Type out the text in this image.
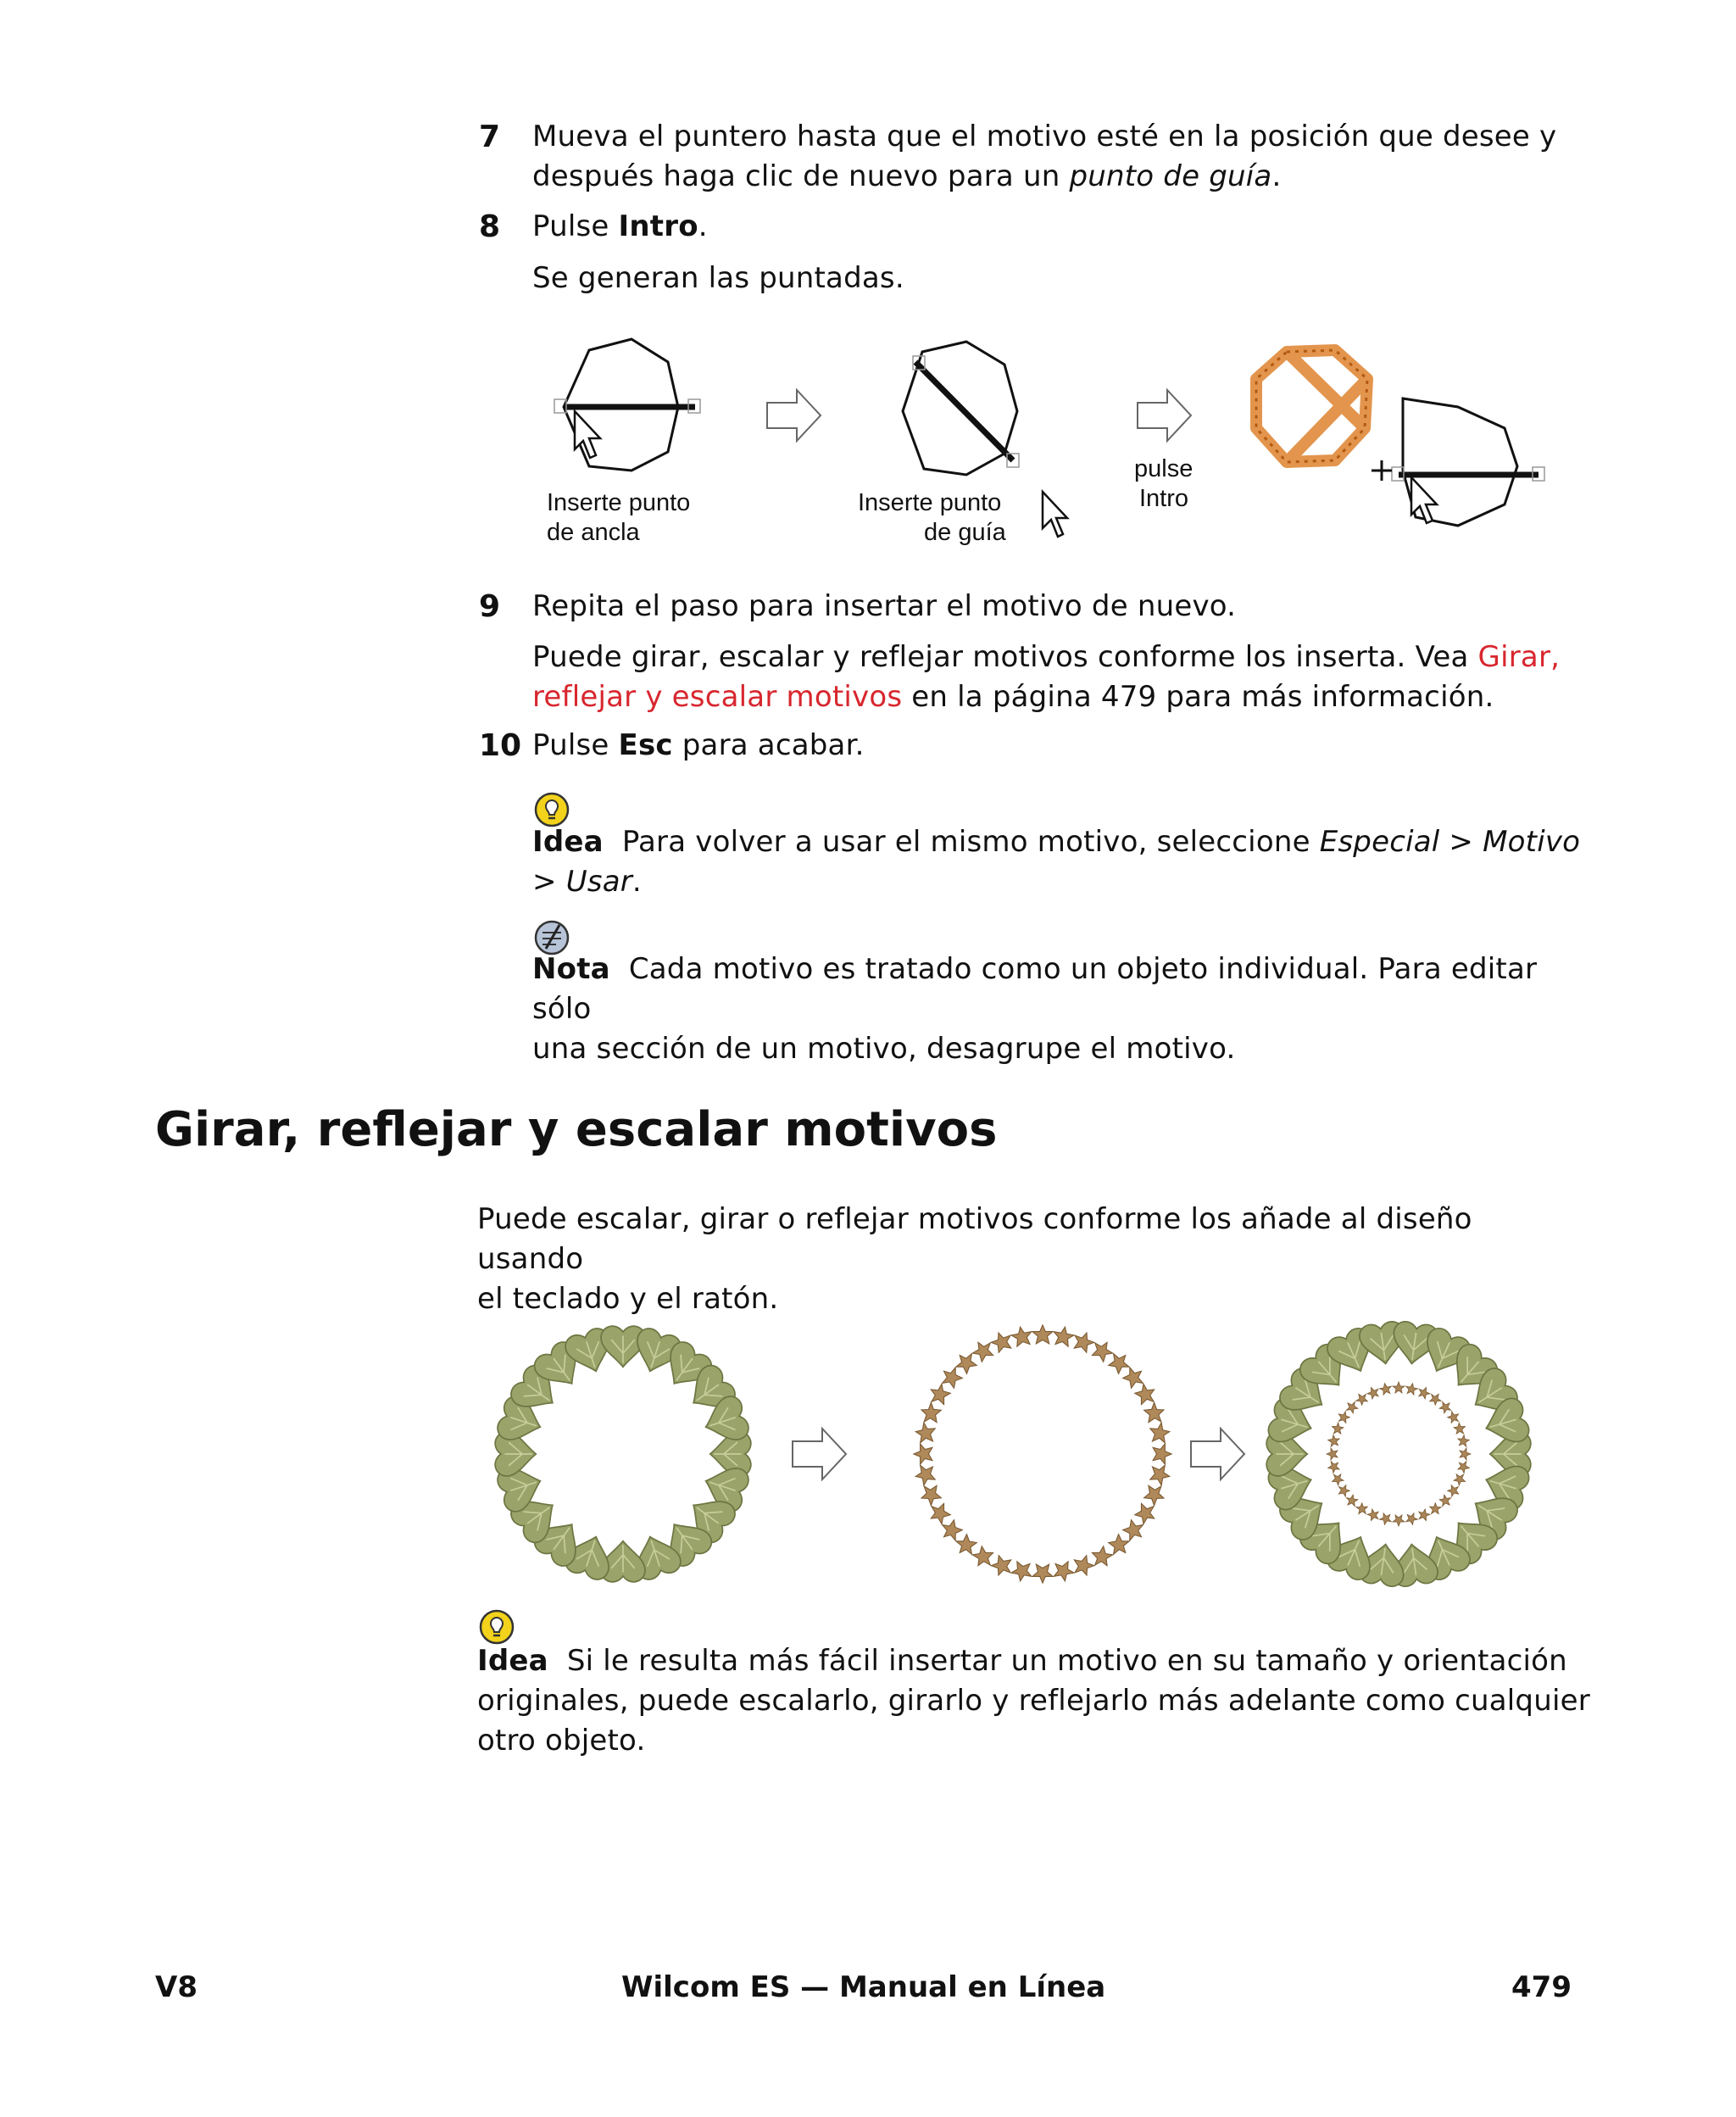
7 Mueva el puntero hasta que el motivo esté en la posición que desee y
después haga clic de nuevo para un punto de guía.

8 Pulse Intro.

Se generan las puntadas.

Inserte punto
de ancla
Inserte punto
de guía
pulse
Intro
9 Repita el paso para insertar el motivo de nuevo.

Puede girar, escalar y reflejar motivos conforme los inserta. Vea Girar,
reflejar y escalar motivos en la página 479 para más información.

10 Pulse Esc para acabar.

Idea Para volver a usar el mismo motivo, seleccione Especial > Motivo
> Usar.

Nota Cada motivo es tratado como un objeto individual. Para editar sólo
una sección de un motivo, desagrupe el motivo.

Girar, reflejar y escalar motivos

Puede escalar, girar o reflejar motivos conforme los añade al diseño usando
el teclado y el ratón.

Idea Si le resulta más fácil insertar un motivo en su tamaño y orientación
originales, puede escalarlo, girarlo y reflejarlo más adelante como cualquier
otro objeto.

V8	Wilcom ES — Manual en Línea	479
